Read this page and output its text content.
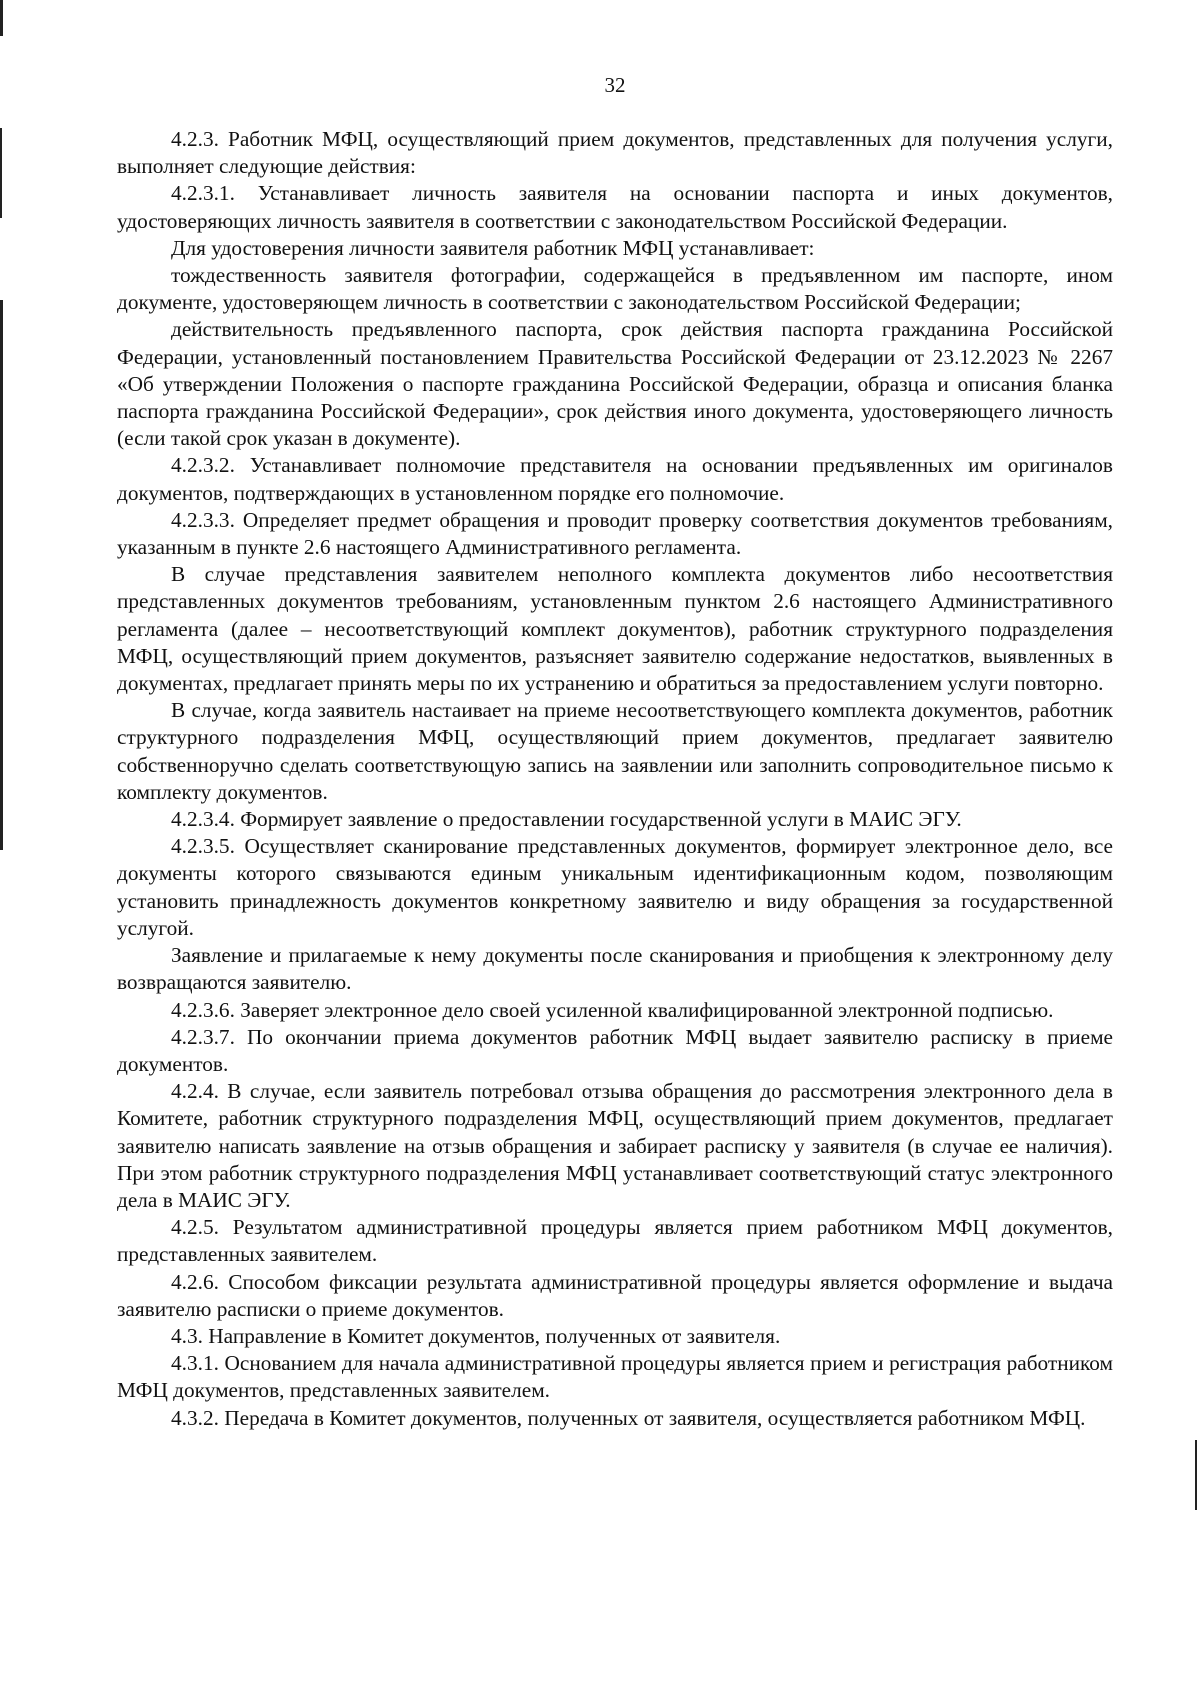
32

4.2.3. Работник МФЦ, осуществляющий прием документов, представленных для получения услуги, выполняет следующие действия:

4.2.3.1. Устанавливает личность заявителя на основании паспорта и иных документов, удостоверяющих личность заявителя в соответствии с законодательством Российской Федерации.

Для удостоверения личности заявителя работник МФЦ устанавливает:

тождественность заявителя фотографии, содержащейся в предъявленном им паспорте, ином документе, удостоверяющем личность в соответствии с законодательством Российской Федерации;

действительность предъявленного паспорта, срок действия паспорта гражданина Российской Федерации, установленный постановлением Правительства Российской Федерации от 23.12.2023 № 2267 «Об утверждении Положения о паспорте гражданина Российской Федерации, образца и описания бланка паспорта гражданина Российской Федерации», срок действия иного документа, удостоверяющего личность (если такой срок указан в документе).

4.2.3.2. Устанавливает полномочие представителя на основании предъявленных им оригиналов документов, подтверждающих в установленном порядке его полномочие.

4.2.3.3. Определяет предмет обращения и проводит проверку соответствия документов требованиям, указанным в пункте 2.6 настоящего Административного регламента.

В случае представления заявителем неполного комплекта документов либо несоответствия представленных документов требованиям, установленным пунктом 2.6 настоящего Административного регламента (далее – несоответствующий комплект документов), работник структурного подразделения МФЦ, осуществляющий прием документов, разъясняет заявителю содержание недостатков, выявленных в документах, предлагает принять меры по их устранению и обратиться за предоставлением услуги повторно.

В случае, когда заявитель настаивает на приеме несоответствующего комплекта документов, работник структурного подразделения МФЦ, осуществляющий прием документов, предлагает заявителю собственноручно сделать соответствующую запись на заявлении или заполнить сопроводительное письмо к комплекту документов.

4.2.3.4. Формирует заявление о предоставлении государственной услуги в МАИС ЭГУ.

4.2.3.5. Осуществляет сканирование представленных документов, формирует электронное дело, все документы которого связываются единым уникальным идентификационным кодом, позволяющим установить принадлежность документов конкретному заявителю и виду обращения за государственной услугой.

Заявление и прилагаемые к нему документы после сканирования и приобщения к электронному делу возвращаются заявителю.

4.2.3.6. Заверяет электронное дело своей усиленной квалифицированной электронной подписью.

4.2.3.7. По окончании приема документов работник МФЦ выдает заявителю расписку в приеме документов.

4.2.4. В случае, если заявитель потребовал отзыва обращения до рассмотрения электронного дела в Комитете, работник структурного подразделения МФЦ, осуществляющий прием документов, предлагает заявителю написать заявление на отзыв обращения и забирает расписку у заявителя (в случае ее наличия). При этом работник структурного подразделения МФЦ устанавливает соответствующий статус электронного дела в МАИС ЭГУ.

4.2.5. Результатом административной процедуры является прием работником МФЦ документов, представленных заявителем.

4.2.6. Способом фиксации результата административной процедуры является оформление и выдача заявителю расписки о приеме документов.

4.3. Направление в Комитет документов, полученных от заявителя.

4.3.1. Основанием для начала административной процедуры является прием и регистрация работником МФЦ документов, представленных заявителем.

4.3.2. Передача в Комитет документов, полученных от заявителя, осуществляется работником МФЦ.
